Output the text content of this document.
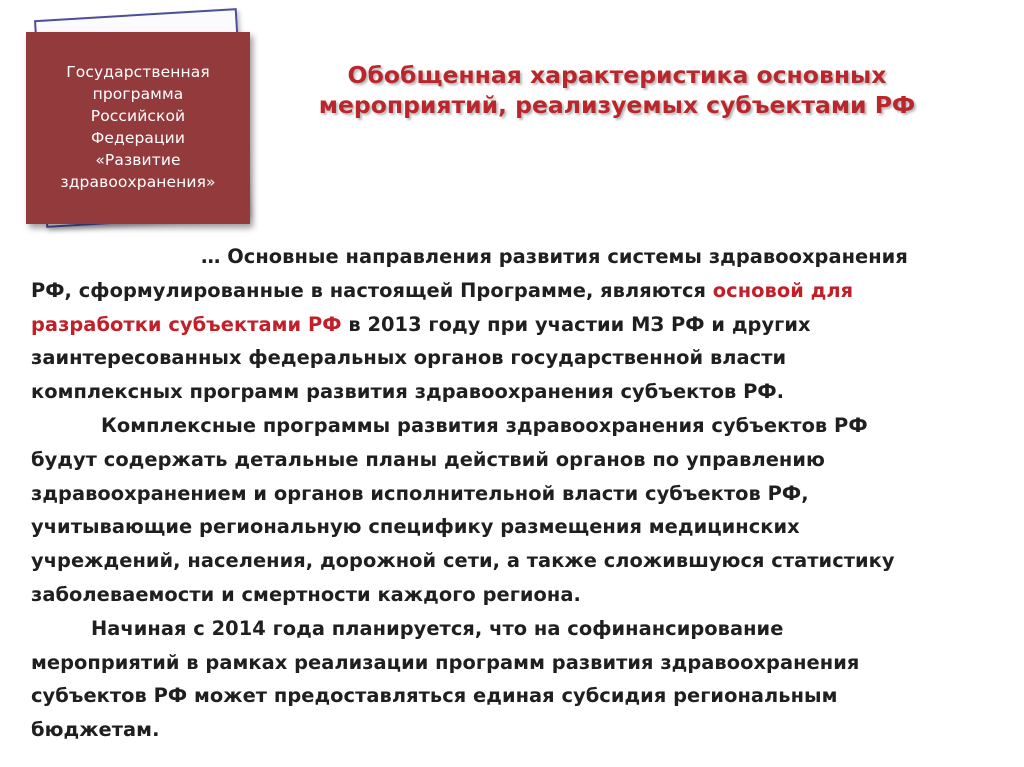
Государственная
программа
Российской
Федерации
«Развитие
здравоохранения»
Обобщенная характеристика основных
мероприятий, реализуемых субъектами РФ
… Основные направления развития системы здравоохранения
РФ, сформулированные в настоящей Программе, являются основой для
разработки субъектами РФ в 2013 году при участии МЗ РФ и других
заинтересованных федеральных органов государственной власти
комплексных программ развития здравоохранения субъектов РФ.
Комплексные программы развития здравоохранения субъектов РФ
будут содержать детальные планы действий органов по управлению
здравоохранением и органов исполнительной власти субъектов РФ,
учитывающие региональную специфику размещения медицинских
учреждений, населения, дорожной сети, а также сложившуюся статистику
заболеваемости и смертности каждого региона.
Начиная с 2014 года планируется, что на софинансирование
мероприятий в рамках реализации программ развития здравоохранения
субъектов РФ может предоставляться единая субсидия региональным
бюджетам.
